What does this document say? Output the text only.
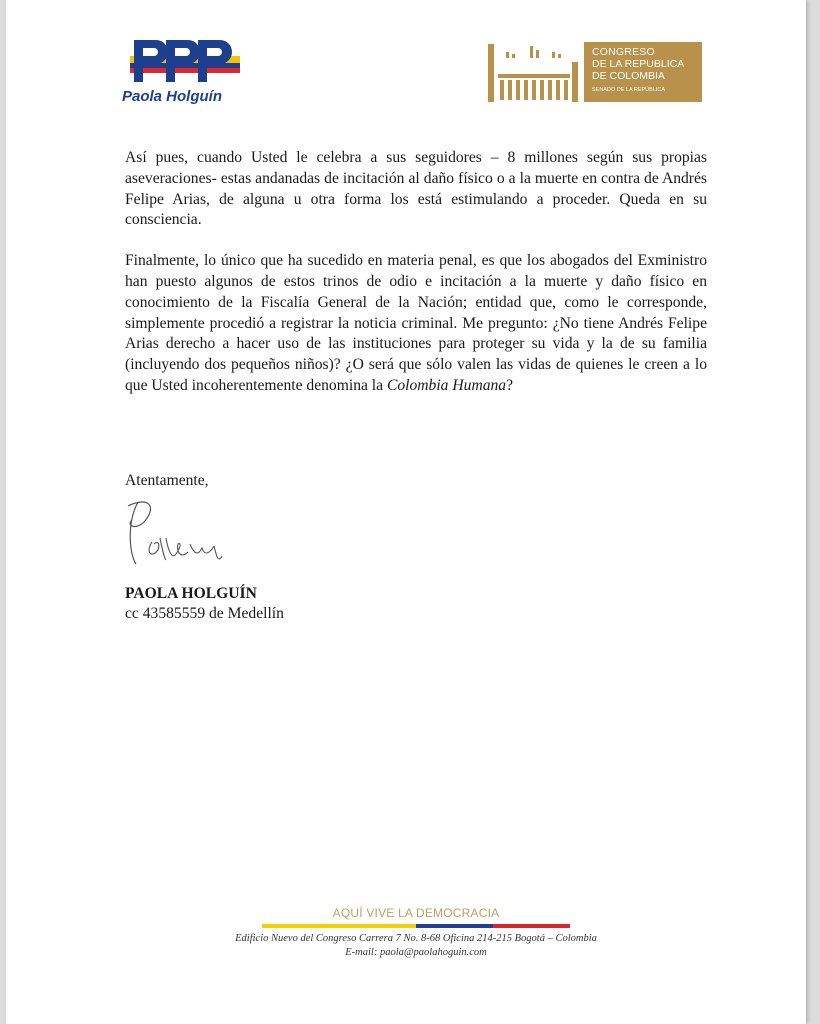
Paola Holguín
CONGRESO
DE LA REPUBLICA
DE COLOMBIA
SENADO DE LA REPÚBLICA

Así pues, cuando Usted le celebra a sus seguidores – 8 millones según sus propias aseveraciones- estas andanadas de incitación al daño físico o a la muerte en contra de Andrés Felipe Arias, de alguna u otra forma los está estimulando a proceder. Queda en su consciencia.

Finalmente, lo único que ha sucedido en materia penal, es que los abogados del Exministro han puesto algunos de estos trinos de odio e incitación a la muerte y daño físico en conocimiento de la Fiscalía General de la Nación; entidad que, como le corresponde, simplemente procedió a registrar la noticia criminal. Me pregunto: ¿No tiene Andrés Felipe Arias derecho a hacer uso de las instituciones para proteger su vida y la de su familia (incluyendo dos pequeños niños)? ¿O será que sólo valen las vidas de quienes le creen a lo que Usted incoherentemente denomina la Colombia Humana?

Atentamente,
PAOLA HOLGUÍN
cc 43585559 de Medellín
AQUÍ VIVE LA DEMOCRACIA
Edificio Nuevo del Congreso Carrera 7 No. 8-68 Oficina 214-215 Bogotá – Colombia
E-mail: paola@paolahoguin.com
